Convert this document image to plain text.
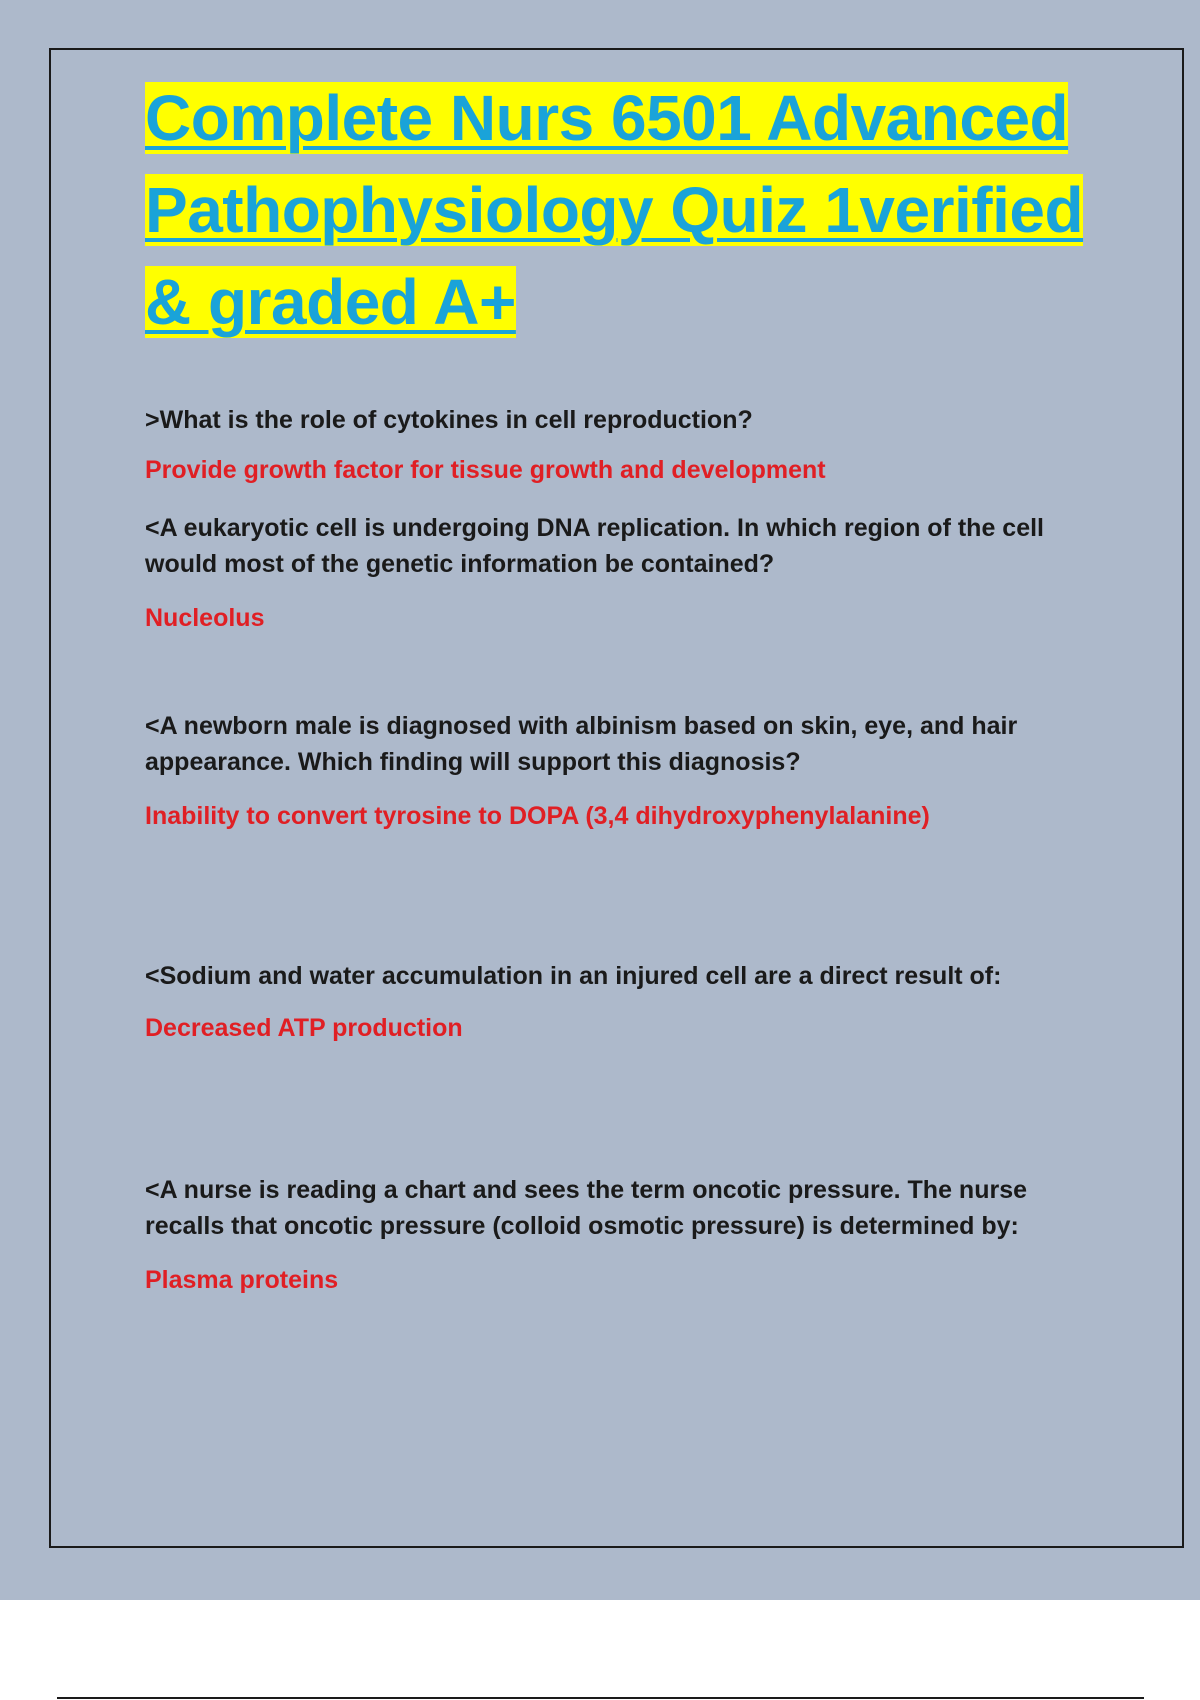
Complete Nurs 6501 Advanced Pathophysiology Quiz 1verified & graded A+

>What is the role of cytokines in cell reproduction?

Provide growth factor for tissue growth and development

<A eukaryotic cell is undergoing DNA replication. In which region of the cell would most of the genetic information be contained?

Nucleolus

<A newborn male is diagnosed with albinism based on skin, eye, and hair appearance. Which finding will support this diagnosis?

Inability to convert tyrosine to DOPA (3,4 dihydroxyphenylalanine)

<Sodium and water accumulation in an injured cell are a direct result of:

Decreased ATP production

<A nurse is reading a chart and sees the term oncotic pressure. The nurse recalls that oncotic pressure (colloid osmotic pressure) is determined by:

Plasma proteins
